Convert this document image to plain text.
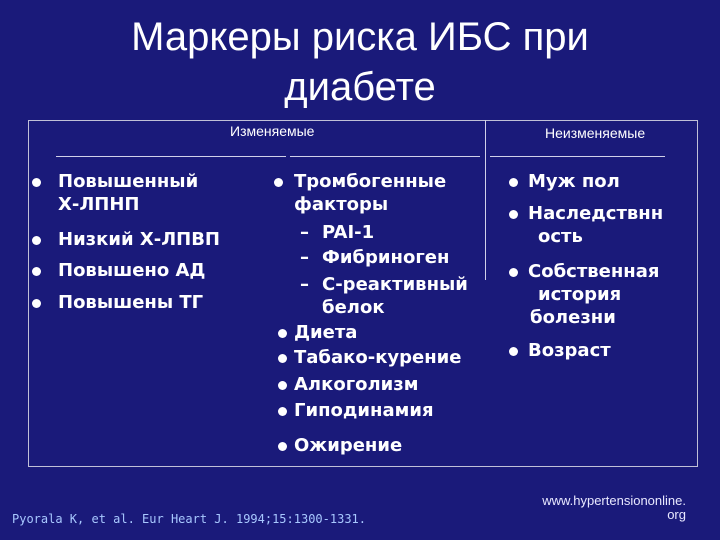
Маркеры риска ИБС при
диабете
Изменяемые	Неизменяемые
Повышенный
Х-ЛПНП
Низкий Х-ЛПВП
Повышено АД
Повышены ТГ
Тромбогенные
факторы
– PAI-1
– Фибриноген
– С-реактивный
белок
Диета
Табако-курение
Алкоголизм
Гиподинамия
Ожирение
Муж пол
Наследствнн
ость
Собственная
история
болезни
Возраст
Pyorala K, et al. Eur Heart J. 1994;15:1300-1331.
www.hypertensiononline.
org
